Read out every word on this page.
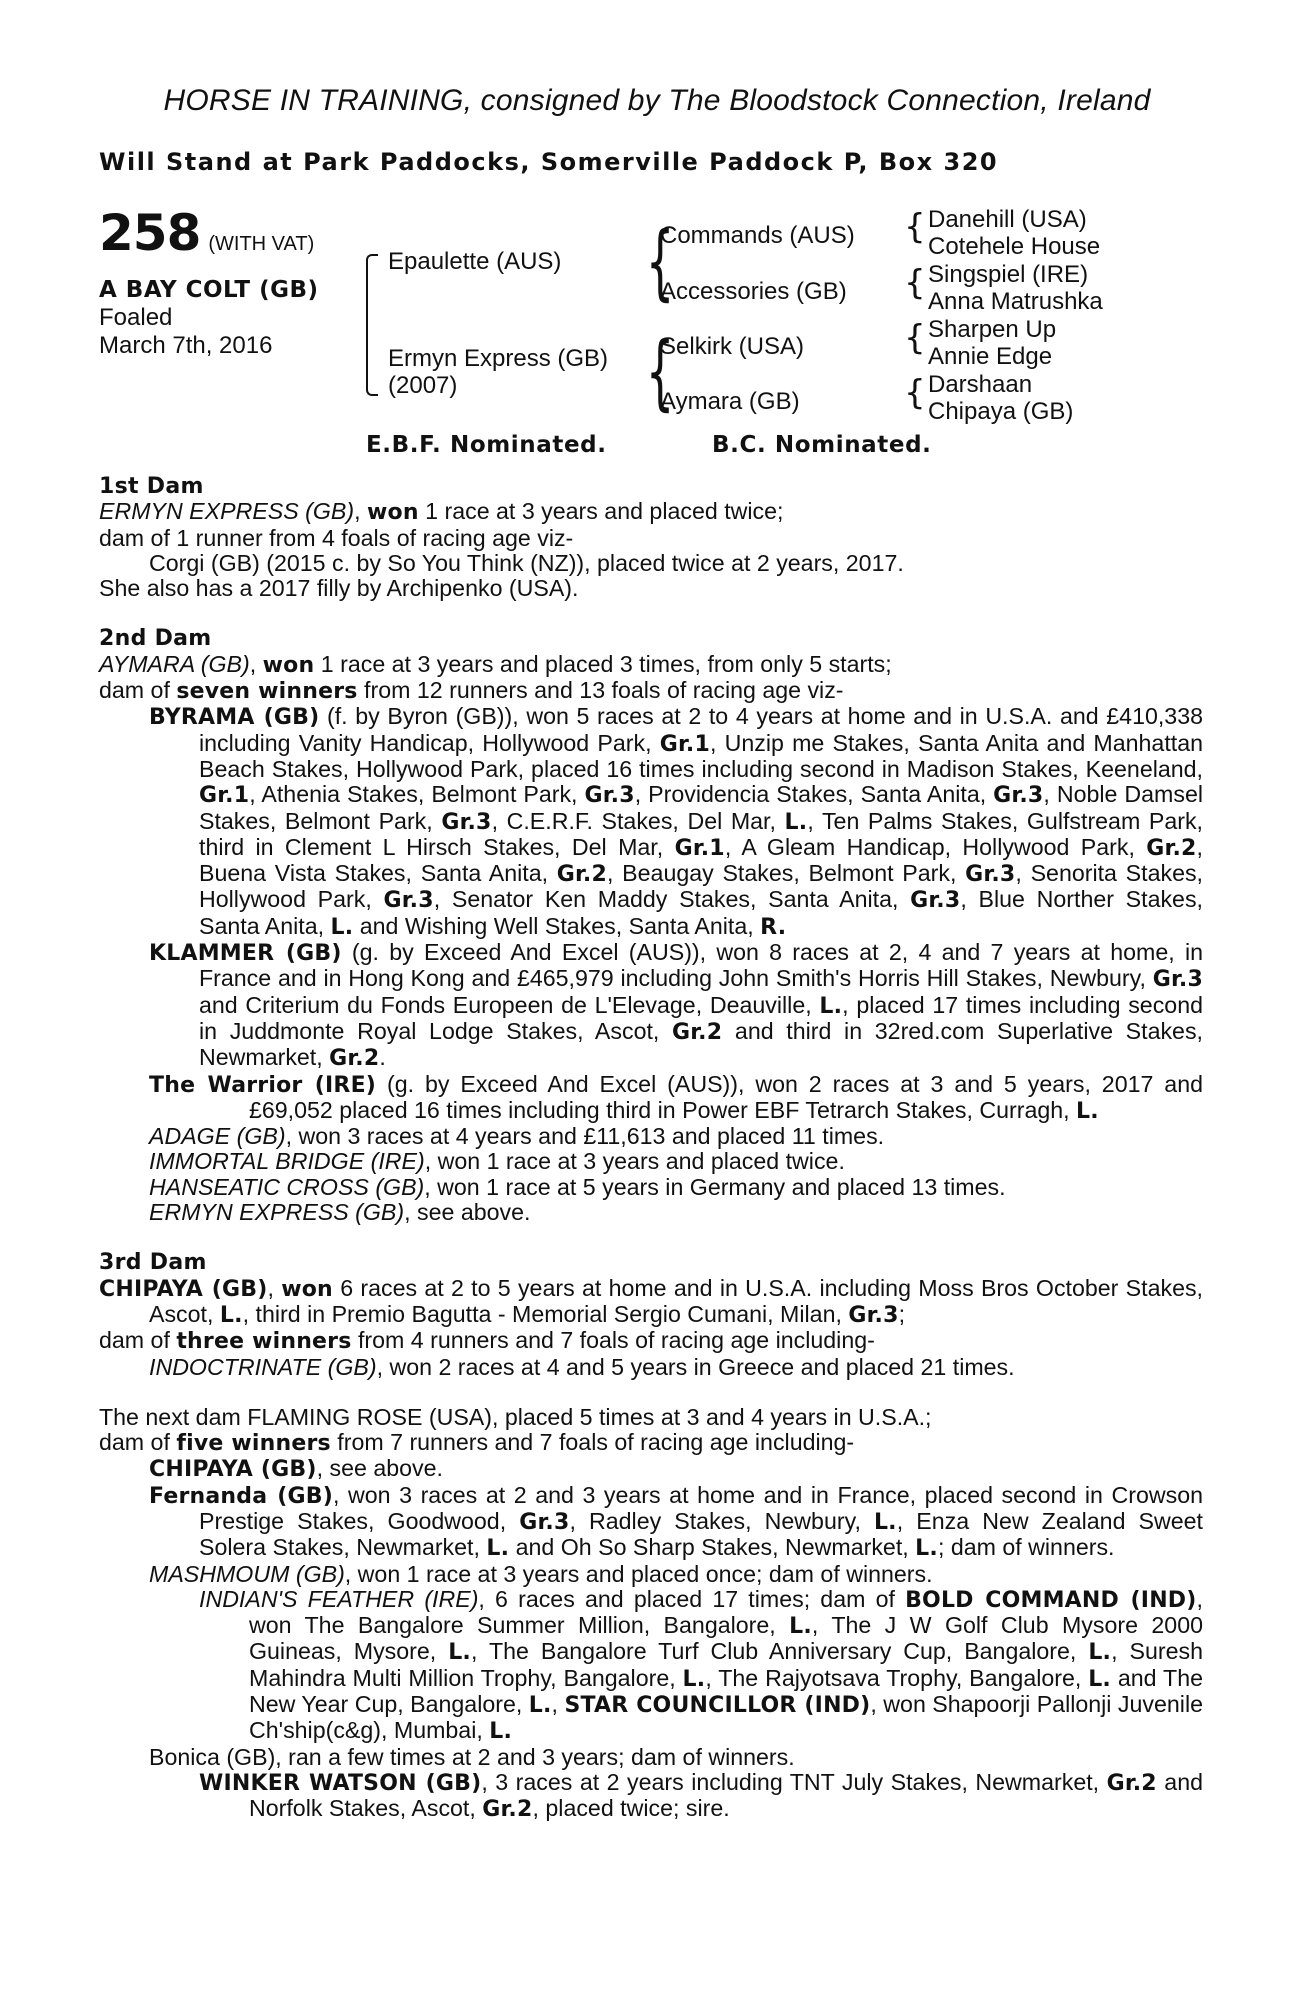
HORSE IN TRAINING, consigned by The Bloodstock Connection, Ireland
Will Stand at Park Paddocks, Somerville Paddock P, Box 320
258 (WITH VAT)
A BAY COLT (GB)
Foaled
March 7th, 2016
{
{
{
{
{
{
Epaulette (AUS)
Ermyn Express (GB)
(2007)
Commands (AUS)
Accessories (GB)
Selkirk (USA)
Aymara (GB)
Danehill (USA)
Cotehele House
Singspiel (IRE)
Anna Matrushka
Sharpen Up
Annie Edge
Darshaan
Chipaya (GB)
E.B.F. Nominated.	B.C. Nominated.
1st Dam
ERMYN EXPRESS (GB), won 1 race at 3 years and placed twice;
dam of 1 runner from 4 foals of racing age viz-
Corgi (GB) (2015 c. by So You Think (NZ)), placed twice at 2 years, 2017.
She also has a 2017 filly by Archipenko (USA).
2nd Dam
AYMARA (GB), won 1 race at 3 years and placed 3 times, from only 5 starts;
dam of seven winners from 12 runners and 13 foals of racing age viz-
BYRAMA (GB) (f. by Byron (GB)), won 5 races at 2 to 4 years at home and in U.S.A. and £410,338 including Vanity Handicap, Hollywood Park, Gr.1, Unzip me Stakes, Santa Anita and Manhattan Beach Stakes, Hollywood Park, placed 16 times including second in Madison Stakes, Keeneland, Gr.1, Athenia Stakes, Belmont Park, Gr.3, Providencia Stakes, Santa Anita, Gr.3, Noble Damsel Stakes, Belmont Park, Gr.3, C.E.R.F. Stakes, Del Mar, L., Ten Palms Stakes, Gulfstream Park, third in Clement L Hirsch Stakes, Del Mar, Gr.1, A Gleam Handicap, Hollywood Park, Gr.2, Buena Vista Stakes, Santa Anita, Gr.2, Beaugay Stakes, Belmont Park, Gr.3, Senorita Stakes, Hollywood Park, Gr.3, Senator Ken Maddy Stakes, Santa Anita, Gr.3, Blue Norther Stakes, Santa Anita, L. and Wishing Well Stakes, Santa Anita, R.
KLAMMER (GB) (g. by Exceed And Excel (AUS)), won 8 races at 2, 4 and 7 years at home, in France and in Hong Kong and £465,979 including John Smith's Horris Hill Stakes, Newbury, Gr.3 and Criterium du Fonds Europeen de L'Elevage, Deauville, L., placed 17 times including second in Juddmonte Royal Lodge Stakes, Ascot, Gr.2 and third in 32red.com Superlative Stakes, Newmarket, Gr.2.
The Warrior (IRE) (g. by Exceed And Excel (AUS)), won 2 races at 3 and 5 years, 2017 and £69,052 placed 16 times including third in Power EBF Tetrarch Stakes, Curragh, L.
ADAGE (GB), won 3 races at 4 years and £11,613 and placed 11 times.
IMMORTAL BRIDGE (IRE), won 1 race at 3 years and placed twice.
HANSEATIC CROSS (GB), won 1 race at 5 years in Germany and placed 13 times.
ERMYN EXPRESS (GB), see above.
3rd Dam
CHIPAYA (GB), won 6 races at 2 to 5 years at home and in U.S.A. including Moss Bros October Stakes, Ascot, L., third in Premio Bagutta - Memorial Sergio Cumani, Milan, Gr.3;
dam of three winners from 4 runners and 7 foals of racing age including-
INDOCTRINATE (GB), won 2 races at 4 and 5 years in Greece and placed 21 times.
The next dam FLAMING ROSE (USA), placed 5 times at 3 and 4 years in U.S.A.;
dam of five winners from 7 runners and 7 foals of racing age including-
CHIPAYA (GB), see above.
Fernanda (GB), won 3 races at 2 and 3 years at home and in France, placed second in Crowson Prestige Stakes, Goodwood, Gr.3, Radley Stakes, Newbury, L., Enza New Zealand Sweet Solera Stakes, Newmarket, L. and Oh So Sharp Stakes, Newmarket, L.; dam of winners.
MASHMOUM (GB), won 1 race at 3 years and placed once; dam of winners.
INDIAN'S FEATHER (IRE), 6 races and placed 17 times; dam of BOLD COMMAND (IND), won The Bangalore Summer Million, Bangalore, L., The J W Golf Club Mysore 2000 Guineas, Mysore, L., The Bangalore Turf Club Anniversary Cup, Bangalore, L., Suresh Mahindra Multi Million Trophy, Bangalore, L., The Rajyotsava Trophy, Bangalore, L. and The New Year Cup, Bangalore, L., STAR COUNCILLOR (IND), won Shapoorji Pallonji Juvenile Ch'ship(c&g), Mumbai, L.
Bonica (GB), ran a few times at 2 and 3 years; dam of winners.
WINKER WATSON (GB), 3 races at 2 years including TNT July Stakes, Newmarket, Gr.2 and Norfolk Stakes, Ascot, Gr.2, placed twice; sire.
